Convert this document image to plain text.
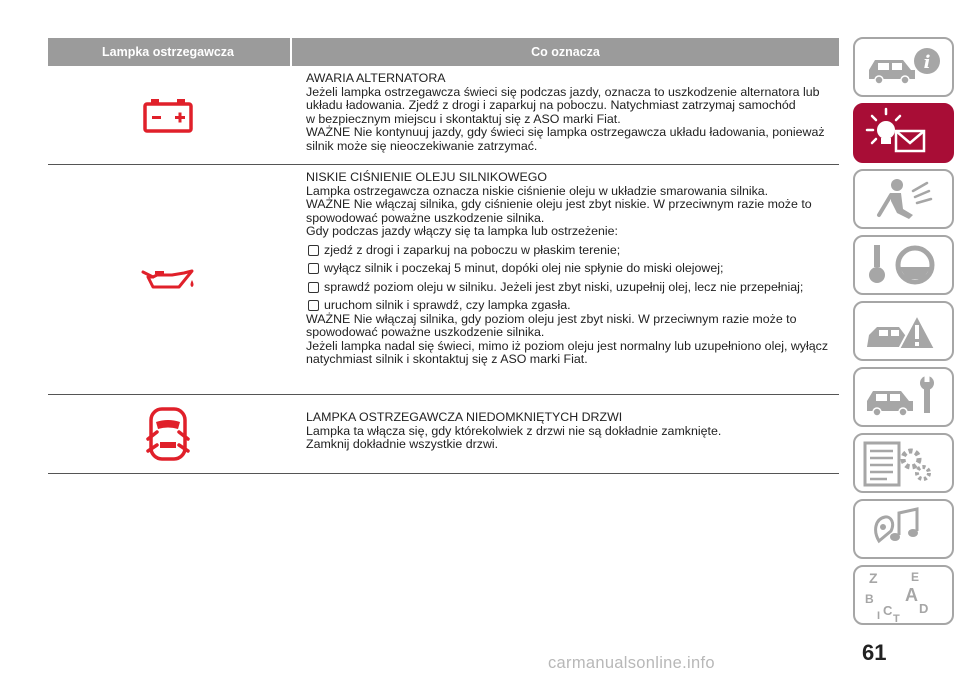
Lampka ostrzegawcza	Co oznacza

AWARIA ALTERNATORA

Jeżeli lampka ostrzegawcza świeci się podczas jazdy, oznacza to uszkodzenie alternatora lub

układu ładowania. Zjedź z drogi i zaparkuj na poboczu. Natychmiast zatrzymaj samochód

w bezpiecznym miejscu i skontaktuj się z ASO marki Fiat.

WAŻNE Nie kontynuuj jazdy, gdy świeci się lampka ostrzegawcza układu ładowania, ponieważ

silnik może się nieoczekiwanie zatrzymać.

NISKIE CIŚNIENIE OLEJU SILNIKOWEGO

Lampka ostrzegawcza oznacza niskie ciśnienie oleju w układzie smarowania silnika.

WAŻNE Nie włączaj silnika, gdy ciśnienie oleju jest zbyt niskie. W przeciwnym razie może to

spowodować poważne uszkodzenie silnika.

Gdy podczas jazdy włączy się ta lampka lub ostrzeżenie:

zjedź z drogi i zaparkuj na poboczu w płaskim terenie;
wyłącz silnik i poczekaj 5 minut, dopóki olej nie spłynie do miski olejowej;
sprawdź poziom oleju w silniku. Jeżeli jest zbyt niski, uzupełnij olej, lecz nie przepełniaj;
uruchom silnik i sprawdź, czy lampka zgasła.

WAŻNE Nie włączaj silnika, gdy poziom oleju jest zbyt niski. W przeciwnym razie może to

spowodować poważne uszkodzenie silnika.

Jeżeli lampka nadal się świeci, mimo iż poziom oleju jest normalny lub uzupełniono olej, wyłącz

natychmiast silnik i skontaktuj się z ASO marki Fiat.

LAMPKA OSTRZEGAWCZA NIEDOMKNIĘTYCH DRZWI

Lampka ta włącza się, gdy którekolwiek z drzwi nie są dokładnie zamknięte.

Zamknij dokładnie wszystkie drzwi.

i
Z	E
B A
C D
T
I
61
carmanualsonline.info
